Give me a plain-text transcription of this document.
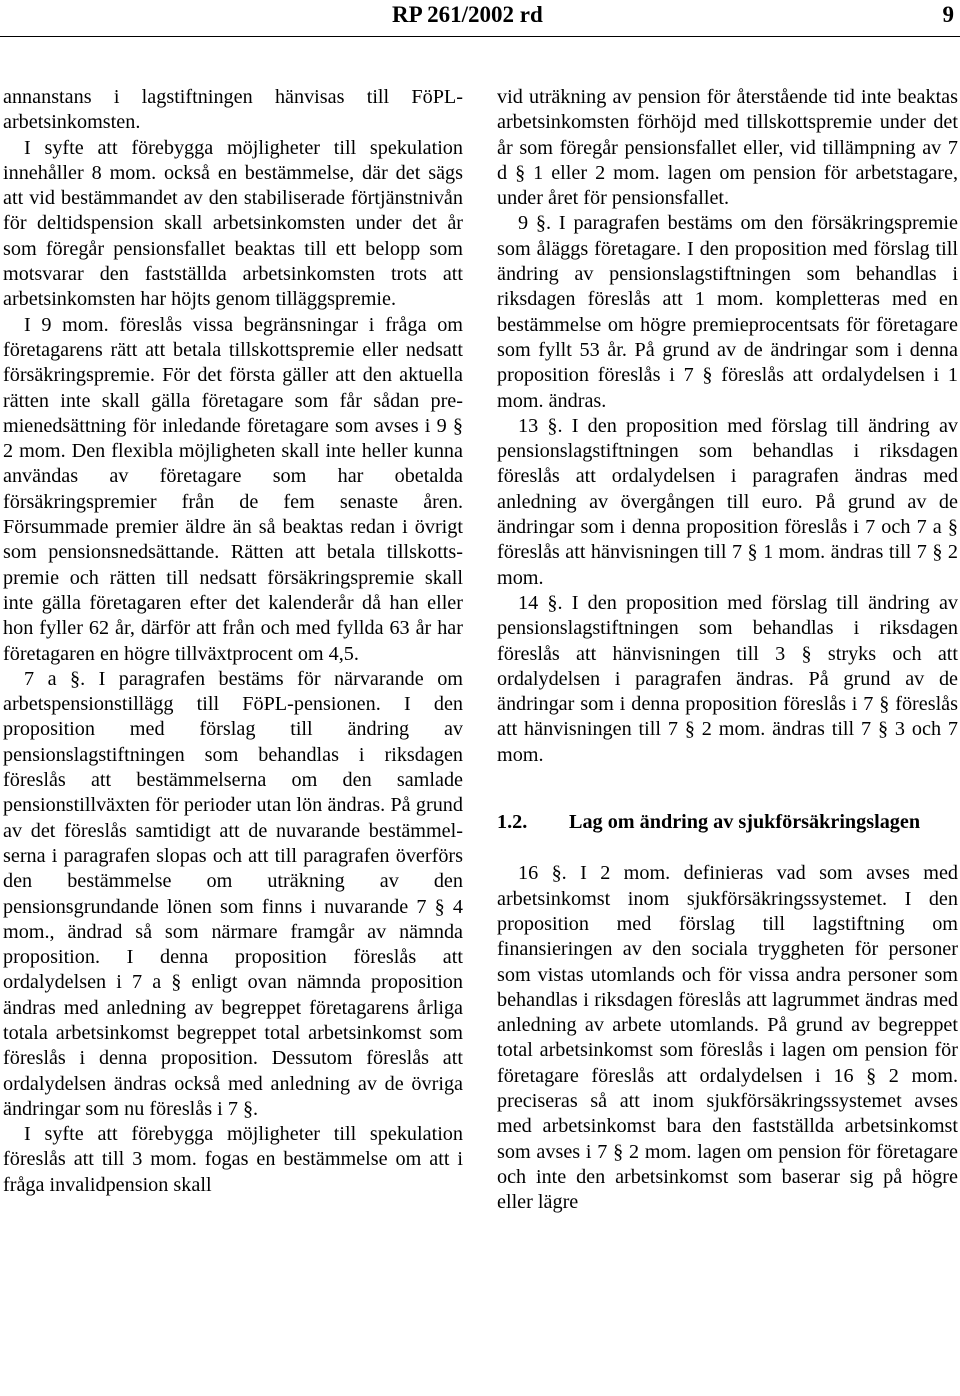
RP 261/2002 rd	9

annanstans i lagstiftningen hänvisas till FöPL-arbetsinkomsten.

I syfte att förebygga möjligheter till spekulation innehåller 8 mom. också en bestämmelse, där det sägs att vid bestämmandet av den stabiliserade förtjänstnivån för deltidspension skall arbetsinkomsten under det år som föregår pensionsfallet beaktas till ett belopp som motsvarar den fastställda arbetsinkomsten trots att arbetsinkomsten har höjts genom tilläggspremie.

I 9 mom. föreslås vissa begränsningar i fråga om företagarens rätt att betala tillskottspremie eller nedsatt försäkringspremie. För det första gäller att den aktuella rätten inte skall gälla företagare som får sådan premienedsättning för inledande företagare som avses i 9 § 2 mom. Den flexibla möjligheten skall inte heller kunna användas av företagare som har obetalda försäkringspremier från de fem senaste åren. Försummade premier äldre än så beaktas redan i övrigt som pensionsnedsättande. Rätten att betala tillskottspremie och rätten till nedsatt försäkringspremie skall inte gälla företagaren efter det kalenderår då han eller hon fyller 62 år, därför att från och med fyllda 63 år har företagaren en högre tillväxtprocent om 4,5.

7 a §. I paragrafen bestäms för närvarande om arbetspensionstillägg till FöPL-pensionen. I den proposition med förslag till ändring av pensionslagstiftningen som behandlas i riksdagen föreslås att bestämmelserna om den samlade pensionstillväxten för perioder utan lön ändras. På grund av det föreslås samtidigt att de nuvarande bestämmelserna i paragrafen slopas och att till paragrafen överförs den bestämmelse om uträkning av den pensionsgrundande lönen som finns i nuvarande 7 § 4 mom., ändrad så som närmare framgår av nämnda proposition. I denna proposition föreslås att ordalydelsen i 7 a § enligt ovan nämnda proposition ändras med anledning av begreppet företagarens årliga totala arbetsinkomst begreppet total arbetsinkomst som föreslås i denna proposition. Dessutom föreslås att ordalydelsen ändras också med anledning av de övriga ändringar som nu föreslås i 7 §.

I syfte att förebygga möjligheter till spekulation föreslås att till 3 mom. fogas en bestämmelse om att i fråga invalidpension skall

vid uträkning av pension för återstående tid inte beaktas arbetsinkomsten förhöjd med tillskottspremie under det år som föregår pensionsfallet eller, vid tillämpning av 7 d § 1 eller 2 mom. lagen om pension för arbetstagare, under året för pensionsfallet.

9 §. I paragrafen bestäms om den försäkringspremie som åläggs företagare. I den proposition med förslag till ändring av pensionslagstiftningen som behandlas i riksdagen föreslås att 1 mom. kompletteras med en bestämmelse om högre premieprocentsats för företagare som fyllt 53 år. På grund av de ändringar som i denna proposition föreslås i 7 § föreslås att ordalydelsen i 1 mom. ändras.

13 §. I den proposition med förslag till ändring av pensionslagstiftningen som behandlas i riksdagen föreslås att ordalydelsen i paragrafen ändras med anledning av övergången till euro. På grund av de ändringar som i denna proposition föreslås i 7 och 7 a § föreslås att hänvisningen till 7 § 1 mom. ändras till 7 § 2 mom.

14 §. I den proposition med förslag till ändring av pensionslagstiftningen som behandlas i riksdagen föreslås att hänvisningen till 3 § stryks och att ordalydelsen i paragrafen ändras. På grund av de ändringar som i denna proposition föreslås i 7 § föreslås att hänvisningen till 7 § 2 mom. ändras till 7 § 3 och 7 mom.

1.2.	Lag om ändring av sjukförsäkringslagen

16 §. I 2 mom. definieras vad som avses med arbetsinkomst inom sjukförsäkringssystemet. I den proposition med förslag till lagstiftning om finansieringen av den sociala tryggheten för personer som vistas utomlands och för vissa andra personer som behandlas i riksdagen föreslås att lagrummet ändras med anledning av arbete utomlands. På grund av begreppet total arbetsinkomst som föreslås i lagen om pension för företagare föreslås att ordalydelsen i 16 § 2 mom. preciseras så att inom sjukförsäkringssystemet avses med arbetsinkomst bara den fastställda arbetsinkomst som avses i 7 § 2 mom. lagen om pension för företagare och inte den arbetsinkomst som baserar sig på högre eller lägre
